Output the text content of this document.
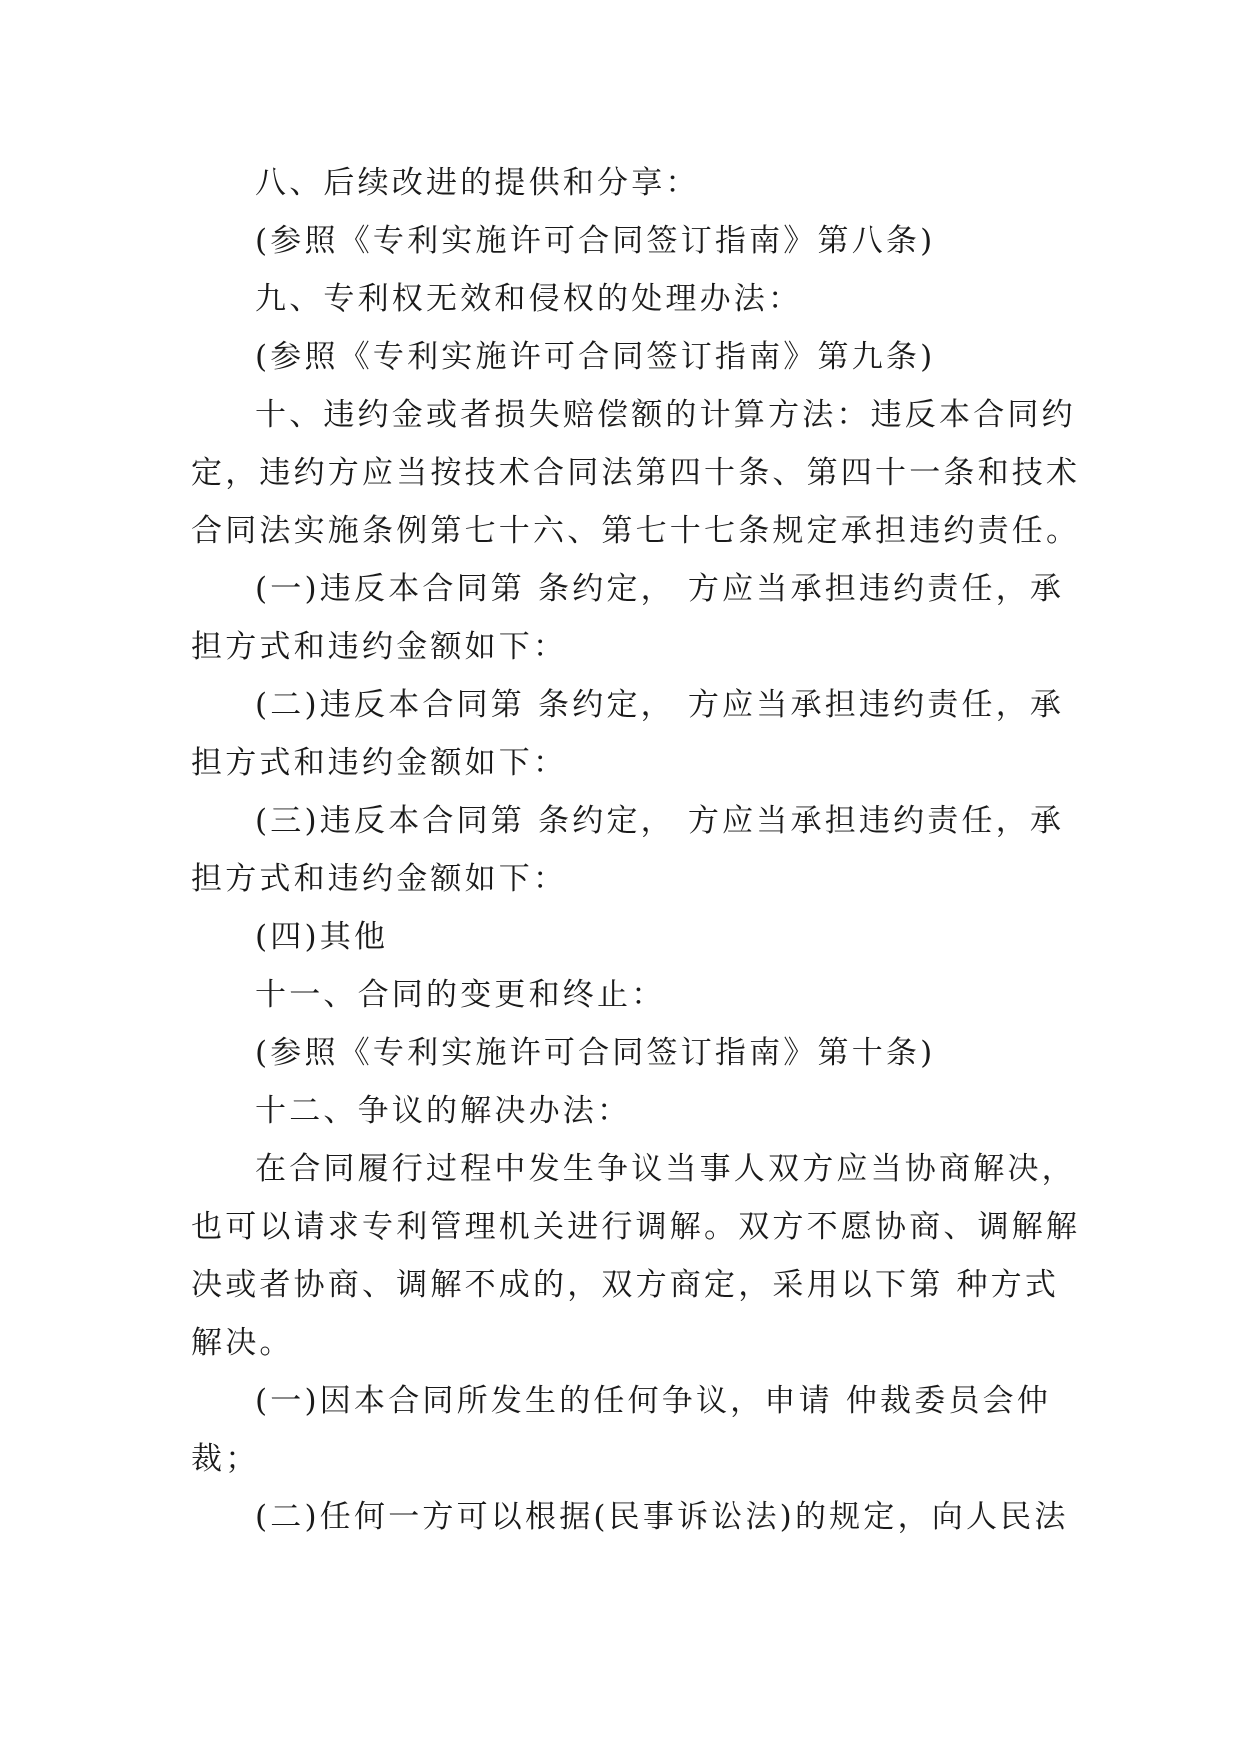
八、后续改进的提供和分享：

(参照《专利实施许可合同签订指南》第八条)

九、专利权无效和侵权的处理办法：

(参照《专利实施许可合同签订指南》第九条)

十、违约金或者损失赔偿额的计算方法：违反本合同约

定，违约方应当按技术合同法第四十条、第四十一条和技术

合同法实施条例第七十六、第七十七条规定承担违约责任。

(一)违反本合同第 条约定， 方应当承担违约责任，承

担方式和违约金额如下：

(二)违反本合同第 条约定， 方应当承担违约责任，承

担方式和违约金额如下：

(三)违反本合同第 条约定， 方应当承担违约责任，承

担方式和违约金额如下：

(四)其他

十一、合同的变更和终止：

(参照《专利实施许可合同签订指南》第十条)

十二、争议的解决办法：

在合同履行过程中发生争议当事人双方应当协商解决，

也可以请求专利管理机关进行调解。双方不愿协商、调解解

决或者协商、调解不成的，双方商定，采用以下第 种方式

解决。

(一)因本合同所发生的任何争议，申请 仲裁委员会仲

裁；

(二)任何一方可以根据(民事诉讼法)的规定，向人民法
